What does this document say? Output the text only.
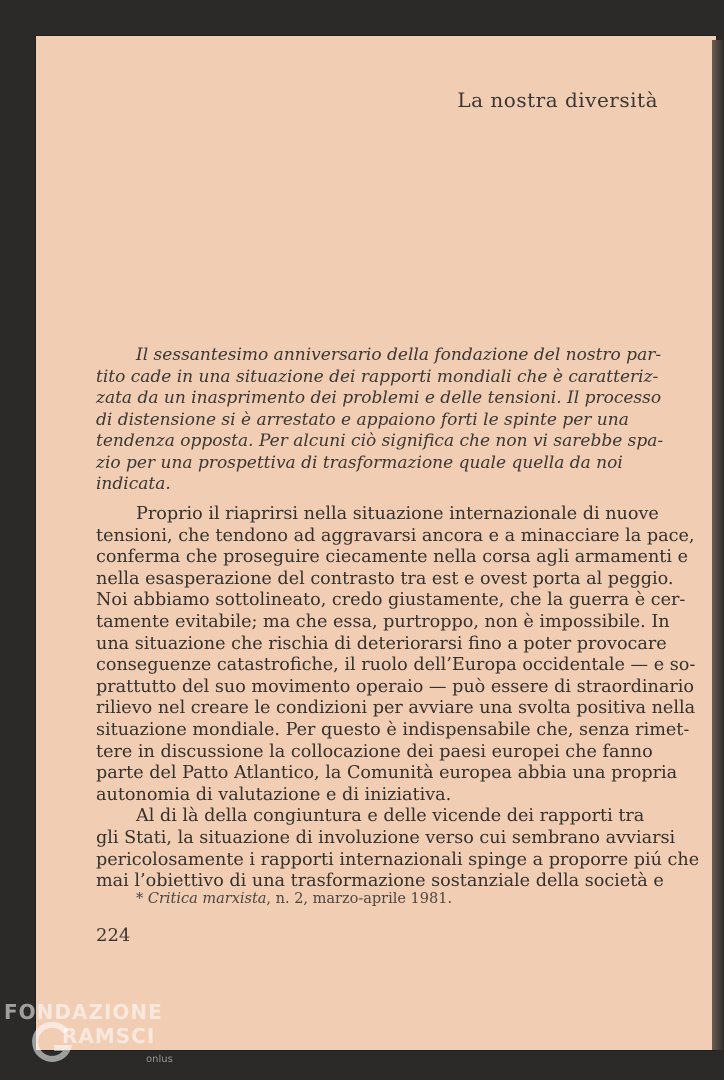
La nostra diversità

Il sessantesimo anniversario della fondazione del nostro par-
tito cade in una situazione dei rapporti mondiali che è caratteriz-
zata da un inasprimento dei problemi e delle tensioni. Il processo
di distensione si è arrestato e appaiono forti le spinte per una
tendenza opposta. Per alcuni ciò significa che non vi sarebbe spa-
zio per una prospettiva di trasformazione quale quella da noi
indicata.

Proprio il riaprirsi nella situazione internazionale di nuove
tensioni, che tendono ad aggravarsi ancora e a minacciare la pace,
conferma che proseguire ciecamente nella corsa agli armamenti e
nella esasperazione del contrasto tra est e ovest porta al peggio.
Noi abbiamo sottolineato, credo giustamente, che la guerra è cer-
tamente evitabile; ma che essa, purtroppo, non è impossibile. In
una situazione che rischia di deteriorarsi fino a poter provocare
conseguenze catastrofiche, il ruolo dell’Europa occidentale — e so-
prattutto del suo movimento operaio — può essere di straordinario
rilievo nel creare le condizioni per avviare una svolta positiva nella
situazione mondiale. Per questo è indispensabile che, senza rimet-
tere in discussione la collocazione dei paesi europei che fanno
parte del Patto Atlantico, la Comunità europea abbia una propria
autonomia di valutazione e di iniziativa.
Al di là della congiuntura e delle vicende dei rapporti tra
gli Stati, la situazione di involuzione verso cui sembrano avviarsi
pericolosamente i rapporti internazionali spinge a proporre piú che
mai l’obiettivo di una trasformazione sostanziale della società e

* Critica marxista, n. 2, marzo-aprile 1981.
224
FONDAZIONE
RAMSCI
onlus
